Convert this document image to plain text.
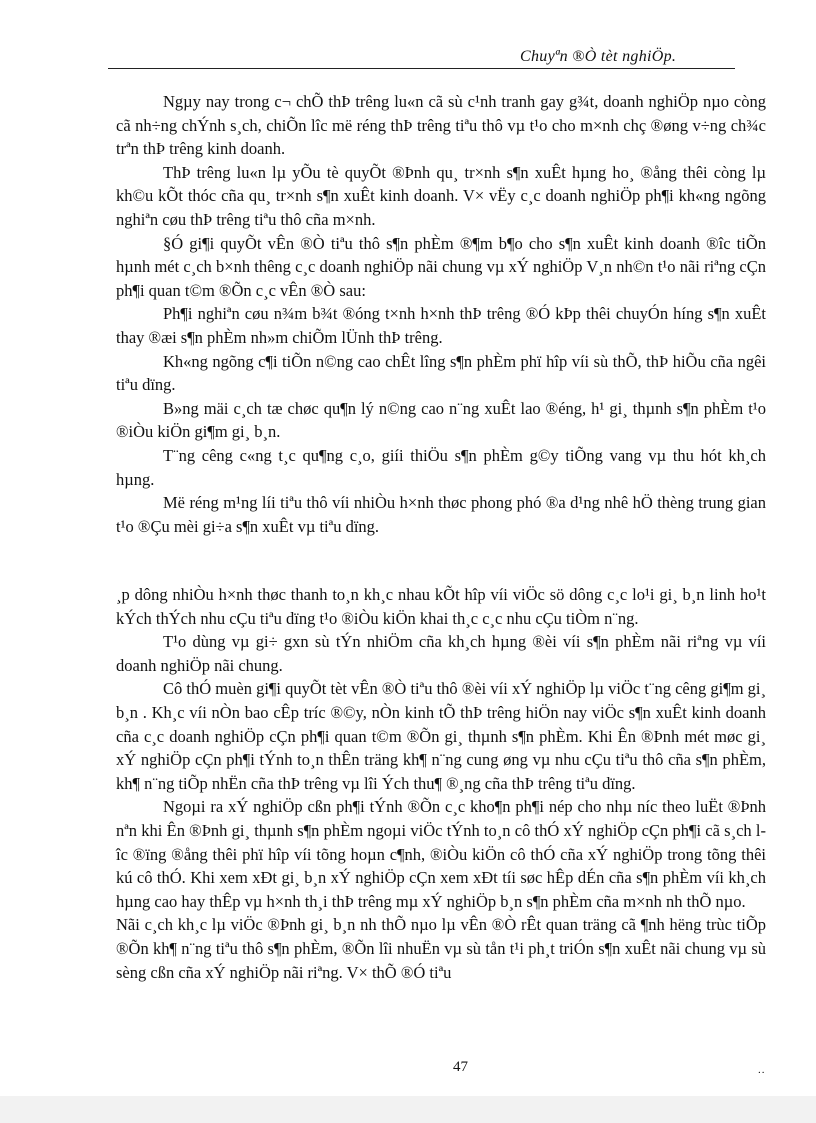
Chuyªn ®Ò tèt nghiÖp.

Ngµy nay trong c¬ chÕ thÞ trêng lu«n cã sù c¹nh tranh gay g¾t, doanh nghiÖp nµo còng cã nh÷ng chÝnh s¸ch, chiÕn lîc më réng thÞ trêng tiªu thô vµ t¹o cho m×nh chç ®øng v÷ng ch¾c trªn thÞ trêng kinh doanh.

ThÞ trêng lu«n lµ yÕu tè quyÕt ®Þnh qu¸ tr×nh s¶n xuÊt hµng ho¸ ®ång thêi còng lµ kh©u kÕt thóc cña qu¸ tr×nh s¶n xuÊt kinh doanh. V× vËy c¸c doanh nghiÖp ph¶i kh«ng ngõng nghiªn cøu thÞ trêng tiªu thô cña m×nh.

§Ó gi¶i quyÕt vÊn ®Ò tiªu thô s¶n phÈm ®¶m b¶o cho s¶n xuÊt kinh doanh ®îc tiÕn hµnh mét c¸ch b×nh thêng c¸c doanh nghiÖp nãi chung vµ xÝ nghiÖp V¸n nh©n t¹o nãi riªng cÇn ph¶i quan t©m ®Õn c¸c vÊn ®Ò sau:

Ph¶i nghiªn cøu n¾m b¾t ®óng t×nh h×nh thÞ trêng ®Ó kÞp thêi chuyÓn híng s¶n xuÊt thay ®æi s¶n phÈm nh»m chiÕm lÜnh thÞ trêng.

Kh«ng ngõng c¶i tiÕn n©ng cao chÊt lîng s¶n phÈm phï hîp víi sù thÕ, thÞ hiÕu cña ngêi tiªu dïng.

B»ng mäi c¸ch tæ chøc qu¶n lý n©ng cao n¨ng xuÊt lao ®éng, h¹ gi¸ thµnh s¶n phÈm t¹o ®iÒu kiÖn gi¶m gi¸ b¸n.

T¨ng cêng c«ng t¸c qu¶ng c¸o, giíi thiÖu s¶n phÈm g©y tiÕng vang vµ thu hót kh¸ch hµng.

Më réng m¹ng líi tiªu thô víi nhiÒu h×nh thøc phong phó ®a d¹ng nhê hÖ thèng trung gian t¹o ®Çu mèi gi÷a s¶n xuÊt vµ tiªu dïng.

¸p dông nhiÒu h×nh thøc thanh to¸n kh¸c nhau kÕt hîp víi viÖc sö dông c¸c lo¹i gi¸ b¸n linh ho¹t kÝch thÝch nhu cÇu tiªu dïng t¹o ®iÒu kiÖn khai th¸c c¸c nhu cÇu tiÒm n¨ng.

T¹o dùng vµ gi÷ gxn sù tÝn nhiÖm cña kh¸ch hµng ®èi víi s¶n phÈm nãi riªng vµ víi doanh nghiÖp nãi chung.

Cô thÓ muèn gi¶i quyÕt tèt vÊn ®Ò tiªu thô ®èi víi xÝ nghiÖp lµ viÖc t¨ng cêng gi¶m gi¸ b¸n . Kh¸c víi nÒn bao cÊp tríc ®©y, nÒn kinh tÕ thÞ trêng hiÖn nay viÖc s¶n xuÊt kinh doanh cña c¸c doanh nghiÖp cÇn ph¶i quan t©m ®Õn gi¸ thµnh s¶n phÈm. Khi Ên ®Þnh mét møc gi¸ xÝ nghiÖp cÇn ph¶i tÝnh to¸n thÊn träng kh¶ n¨ng cung øng vµ nhu cÇu tiªu thô cña s¶n phÈm, kh¶ n¨ng tiÕp nhËn cña thÞ trêng vµ lîi Ých thu¶ ®¸ng cña thÞ trêng tiªu dïng.

Ngoµi ra xÝ nghiÖp cßn ph¶i tÝnh ®Õn c¸c kho¶n ph¶i nép cho nhµ níc theo luËt ®Þnh nªn khi Ên ®Þnh gi¸ thµnh s¶n phÈm ngoµi viÖc tÝnh to¸n cô thÓ xÝ nghiÖp cÇn ph¶i cã s¸ch lîc ®ïng ®ång thêi phï hîp víi tõng hoµn c¶nh, ®iÒu kiÖn cô thÓ cña xÝ nghiÖp trong tõng thêi kú cô thÓ. Khi xem xÐt gi¸ b¸n xÝ nghiÖp cÇn xem xÐt tíi søc hÊp dÉn cña s¶n phÈm víi kh¸ch hµng cao hay thÊp vµ h×nh th¸i thÞ trêng mµ xÝ nghiÖp b¸n s¶n phÈm cña m×nh nh thÕ nµo.

Nãi c¸ch kh¸c lµ viÖc ®Þnh gi¸ b¸n nh thÕ nµo lµ vÊn ®Ò rÊt quan träng cã ¶nh hëng trùc tiÕp ®Õn kh¶ n¨ng tiªu thô s¶n phÈm, ®Õn lîi nhuËn vµ sù tån t¹i ph¸t triÓn s¶n xuÊt nãi chung vµ sù sèng cßn cña xÝ nghiÖp nãi riªng. V× thÕ ®Ó tiªu

47	..
